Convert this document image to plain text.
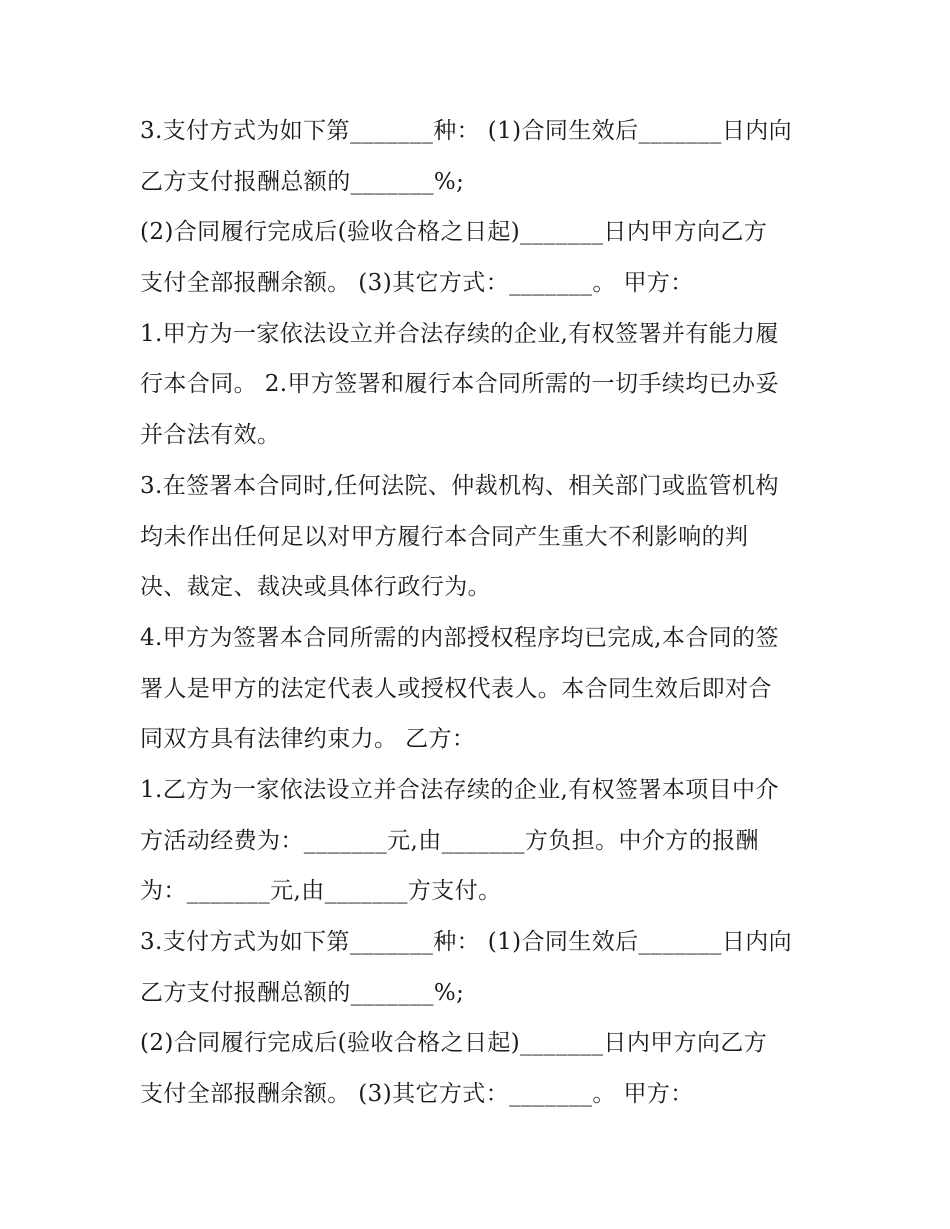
3.支付方式为如下第_______种： (1)合同生效后_______日内向
乙方支付报酬总额的_______%;
(2)合同履行完成后(验收合格之日起)_______日内甲方向乙方
支付全部报酬余额。 (3)其它方式：_______。 甲方：
1.甲方为一家依法设立并合法存续的企业,有权签署并有能力履
行本合同。 2.甲方签署和履行本合同所需的一切手续均已办妥
并合法有效。
3.在签署本合同时,任何法院、仲裁机构、相关部门或监管机构
均未作出任何足以对甲方履行本合同产生重大不利影响的判
决、裁定、裁决或具体行政行为。
4.甲方为签署本合同所需的内部授权程序均已完成,本合同的签
署人是甲方的法定代表人或授权代表人。本合同生效后即对合
同双方具有法律约束力。 乙方：
1.乙方为一家依法设立并合法存续的企业,有权签署本项目中介
方活动经费为：_______元,由_______方负担。中介方的报酬
为：_______元,由_______方支付。
3.支付方式为如下第_______种： (1)合同生效后_______日内向
乙方支付报酬总额的_______%;
(2)合同履行完成后(验收合格之日起)_______日内甲方向乙方
支付全部报酬余额。 (3)其它方式：_______。 甲方：
